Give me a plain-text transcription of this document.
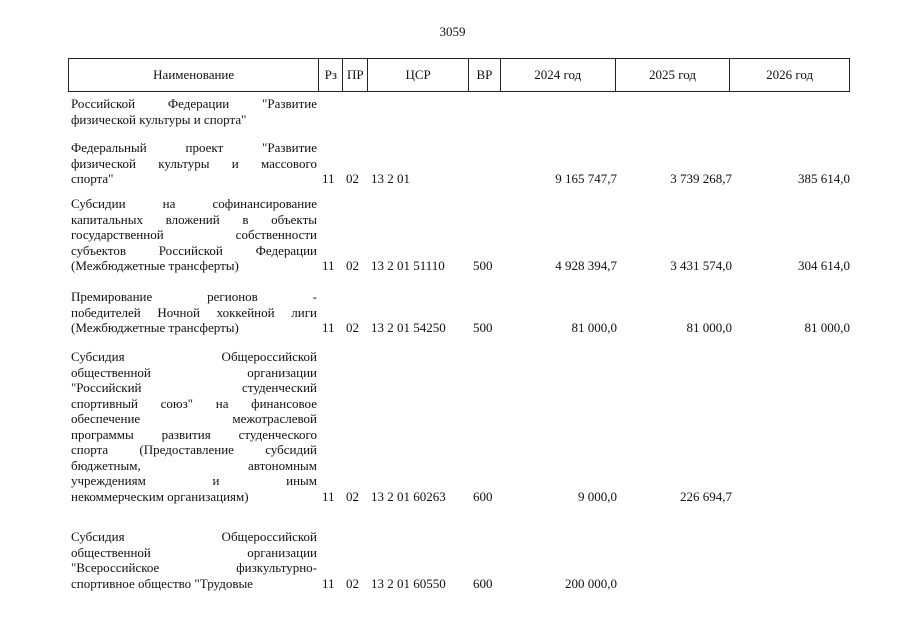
3059
Наименование	Рз ПР	ЦСР	ВР	2024 год	2025 год	2026 год
Российской Федерации "Развитие
физической культуры и спорта"
Федеральный проект "Развитие
физической культуры и массового
спорта"	11 02 13 2 01	9 165 747,7	3 739 268,7	385 614,0
Субсидии на софинансирование
капитальных вложений в объекты
государственной собственности
субъектов Российской Федерации
(Межбюджетные трансферты)	11 02 13 2 01 51110 500	4 928 394,7	3 431 574,0	304 614,0
Премирование регионов -
победителей Ночной хоккейной лиги
(Межбюджетные трансферты)	11 02 13 2 01 54250 500	81 000,0	81 000,0	81 000,0
Субсидия Общероссийской
общественной организации
"Российский студенческий
спортивный союз" на финансовое
обеспечение межотраслевой
программы развития студенческого
спорта (Предоставление субсидий
бюджетным, автономным
учреждениям и иным
некоммерческим организациям)	11 02 13 2 01 60263 600	9 000,0	226 694,7
Субсидия Общероссийской
общественной организации
"Всероссийское физкультурно-
спортивное общество "Трудовые	11 02 13 2 01 60550 600	200 000,0
